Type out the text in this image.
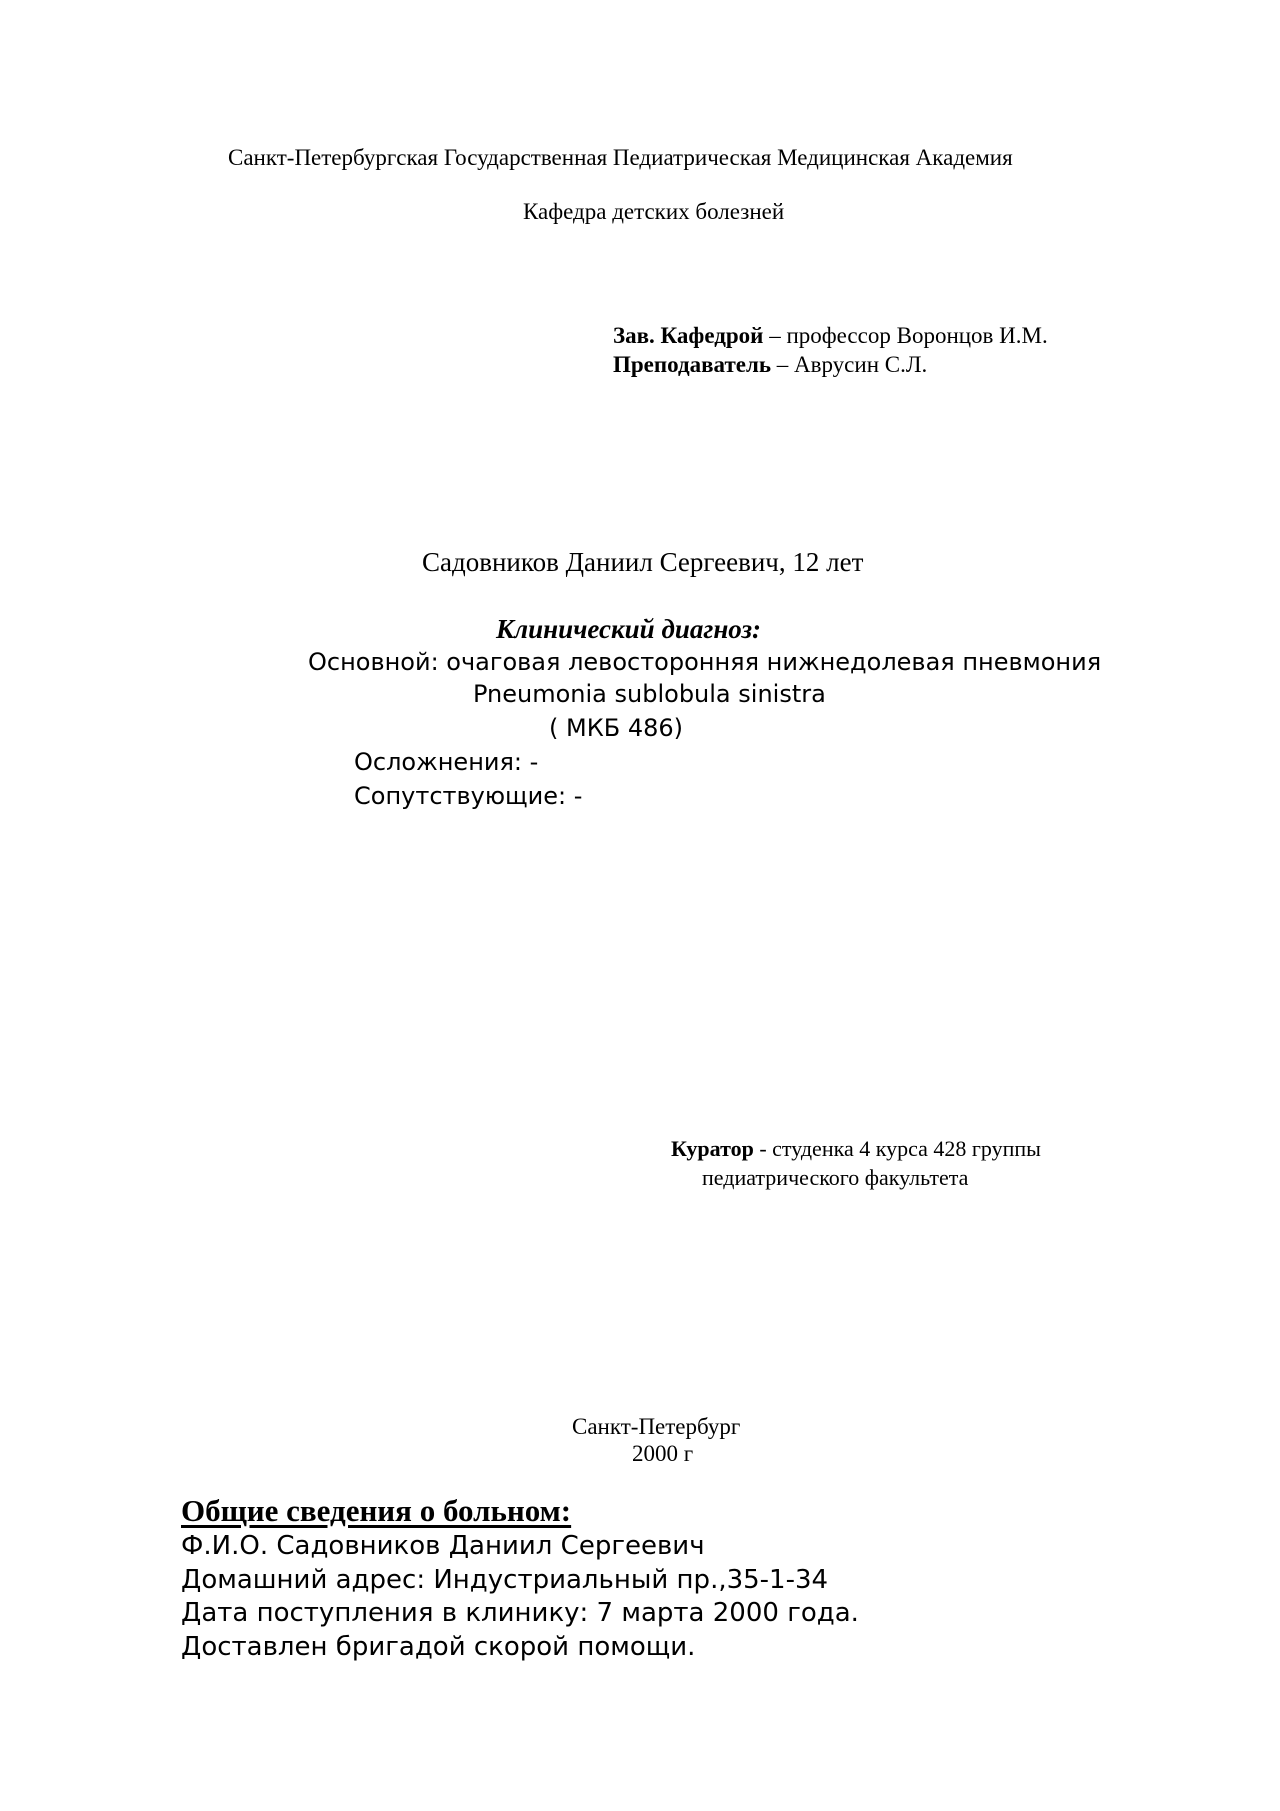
Санкт-Петербургская Государственная Педиатрическая Медицинская Академия
Кафедра детских болезней
Зав. Кафедрой – профессор Воронцов И.М.
Преподаватель – Аврусин С.Л.
Садовников Даниил Сергеевич, 12 лет
Клинический диагноз:
Основной: очаговая левосторонняя нижнедолевая пневмония
Pneumonia sublobula sinistra
( МКБ 486)
Осложнения: -
Сопутствующие: -
Куратор - студенка 4 курса 428 группы
педиатрического факультета
Санкт-Петербург
2000 г
Общие сведения о больном:
Ф.И.О. Садовников Даниил Сергеевич
Домашний адрес: Индустриальный пр.,35-1-34
Дата поступления в клинику: 7 марта 2000 года.
Доставлен бригадой скорой помощи.
